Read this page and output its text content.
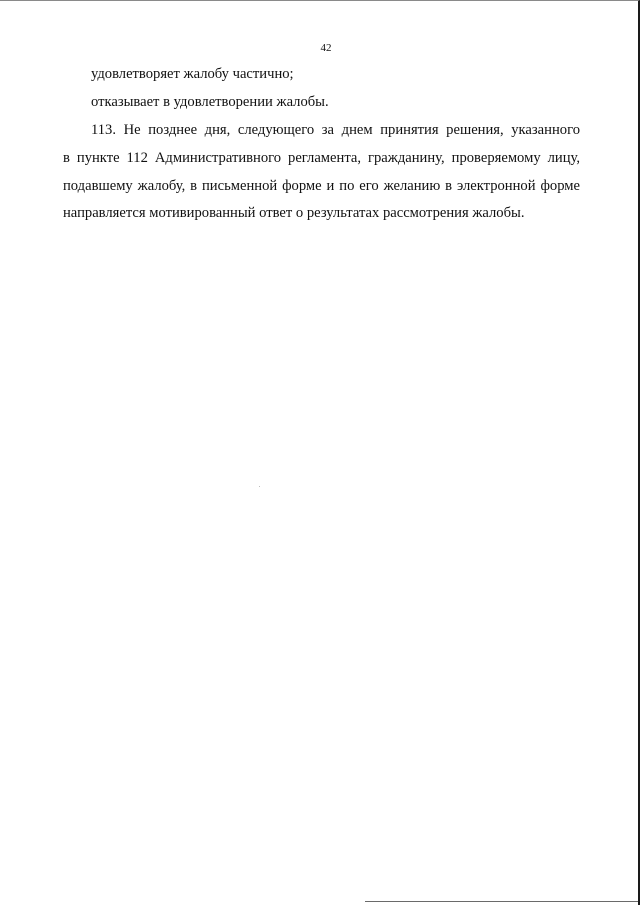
42
удовлетворяет жалобу частично;
отказывает в удовлетворении жалобы.
113. Не позднее дня, следующего за днем принятия решения, указанного
в пункте 112 Административного регламента, гражданину, проверяемому лицу,
подавшему жалобу, в письменной форме и по его желанию в электронной форме
направляется мотивированный ответ о результатах рассмотрения жалобы.
